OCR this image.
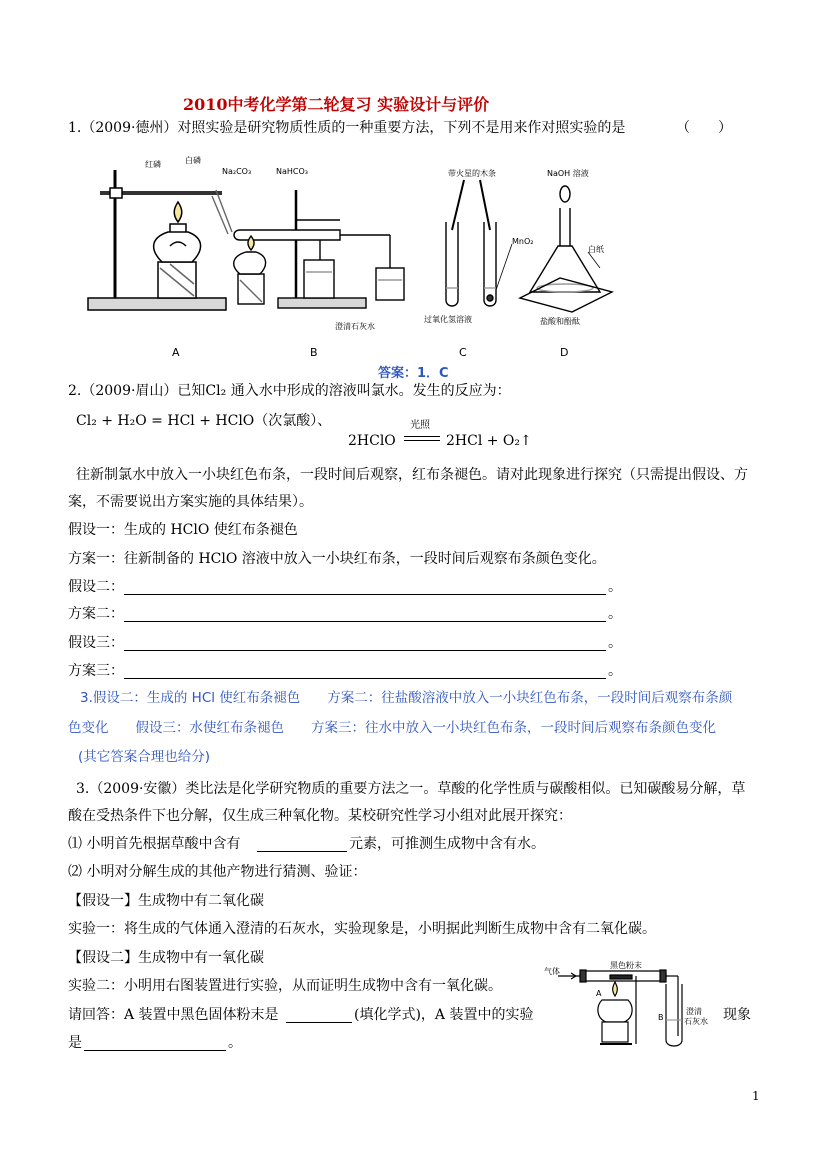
2010中考化学第二轮复习 实验设计与评价
1.（2009·德州）对照实验是研究物质性质的一种重要方法，下列不是用来作对照实验的是	（　　）
红磷	白磷
Na₂CO₃	NaHCO₃
澄清石灰水
带火星的木条
MnO₂
过氧化氢溶液
NaOH 溶液
白纸
盐酸和酚酞
A	B	C	D
答案：1．C
2.（2009·眉山）已知Cl₂ 通入水中形成的溶液叫氯水。发生的反应为：
Cl₂ + H₂O = HCl + HClO（次氯酸）、
2HClO
光照
2HCl + O₂↑
往新制氯水中放入一小块红色布条，一段时间后观察，红布条褪色。请对此现象进行探究（只需提出假设、方
案，不需要说出方案实施的具体结果）。
假设一：生成的 HClO 使红布条褪色
方案一：往新制备的 HClO 溶液中放入一小块红布条，一段时间后观察布条颜色变化。
假设二：	。
方案二：	。
假设三：	。
方案三：	。
3.假设二：生成的 HCl 使红布条褪色　　方案二：往盐酸溶液中放入一小块红色布条，一段时间后观察布条颜
色变化　　假设三：水使红布条褪色　　方案三：往水中放入一小块红色布条，一段时间后观察布条颜色变化
(其它答案合理也给分)
3.（2009·安徽）类比法是化学研究物质的重要方法之一。草酸的化学性质与碳酸相似。已知碳酸易分解，草
酸在受热条件下也分解，仅生成三种氧化物。某校研究性学习小组对此展开探究：
⑴ 小明首先根据草酸中含有	元素，可推测生成物中含有水。
⑵ 小明对分解生成的其他产物进行猜测、验证：
【假设一】生成物中有二氧化碳
实验一：将生成的气体通入澄清的石灰水，实验现象是，小明据此判断生成物中含有二氧化碳。
【假设二】生成物中有一氧化碳
实验二：小明用右图装置进行实验，从而证明生成物中含有一氧化碳。
请回答：A 装置中黑色固体粉末是	(填化学式)，A 装置中的实验	现象
是	。
气体
黑色粉末
A
B
澄清
石灰水
1
